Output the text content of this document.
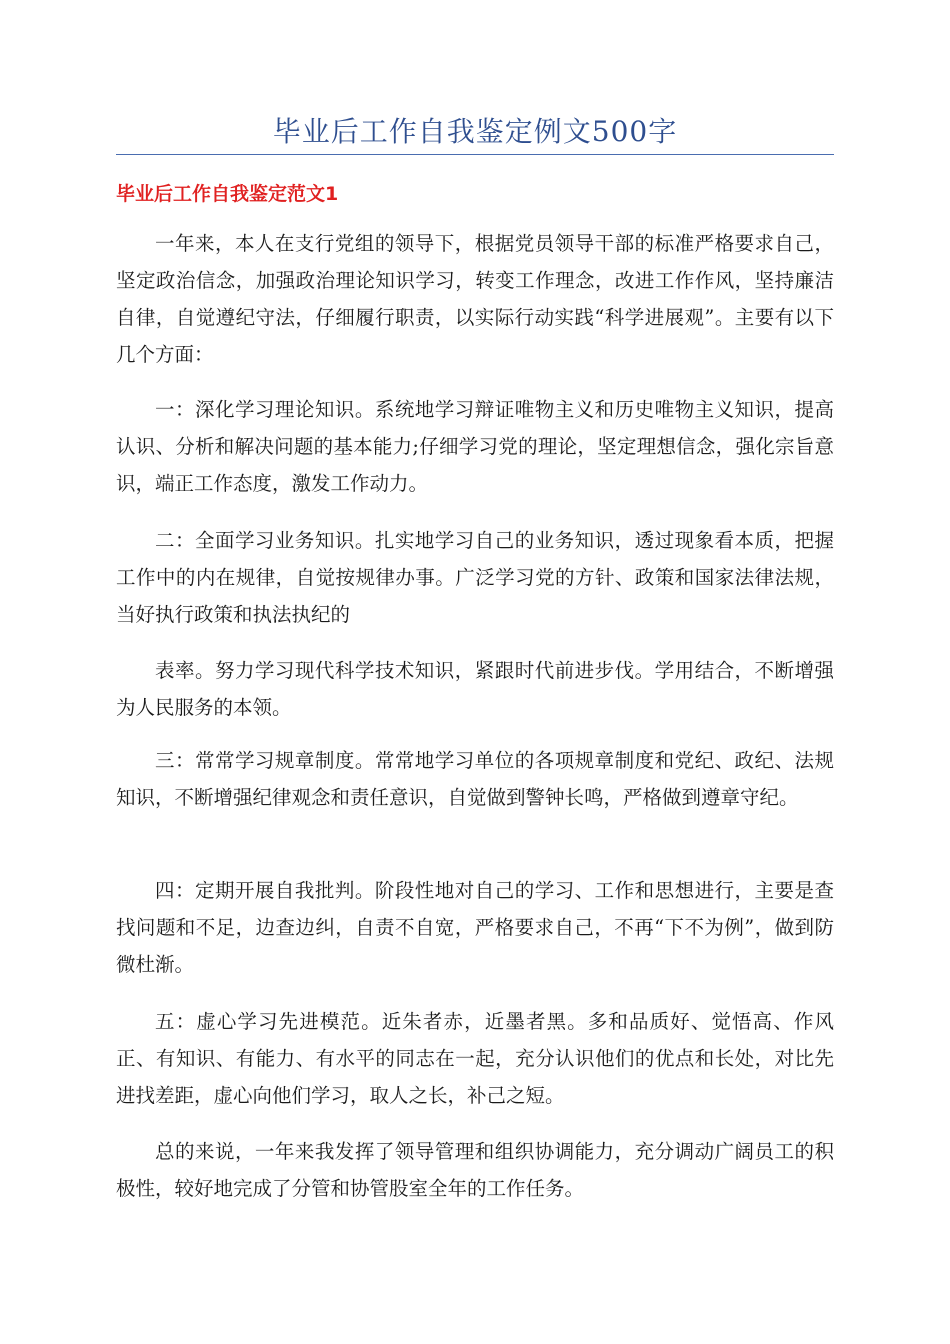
毕业后工作自我鉴定例文500字
毕业后工作自我鉴定范文1

一年来，本人在支行党组的领导下，根据党员领导干部的标准严格要求自己，坚定政治信念，加强政治理论知识学习，转变工作理念，改进工作作风，坚持廉洁自律，自觉遵纪守法，仔细履行职责，以实际行动实践“科学进展观”。主要有以下几个方面：

一：深化学习理论知识。系统地学习辩证唯物主义和历史唯物主义知识，提高认识、分析和解决问题的基本能力;仔细学习党的理论，坚定理想信念，强化宗旨意识，端正工作态度，激发工作动力。

二：全面学习业务知识。扎实地学习自己的业务知识，透过现象看本质，把握工作中的内在规律，自觉按规律办事。广泛学习党的方针、政策和国家法律法规，当好执行政策和执法执纪的

表率。努力学习现代科学技术知识，紧跟时代前进步伐。学用结合，不断增强为人民服务的本领。

三：常常学习规章制度。常常地学习单位的各项规章制度和党纪、政纪、法规知识，不断增强纪律观念和责任意识，自觉做到警钟长鸣，严格做到遵章守纪。

四：定期开展自我批判。阶段性地对自己的学习、工作和思想进行，主要是查找问题和不足，边查边纠，自责不自宽，严格要求自己，不再“下不为例”，做到防微杜渐。

五：虚心学习先进模范。近朱者赤，近墨者黑。多和品质好、觉悟高、作风正、有知识、有能力、有水平的同志在一起，充分认识他们的优点和长处，对比先进找差距，虚心向他们学习，取人之长，补己之短。

总的来说，一年来我发挥了领导管理和组织协调能力，充分调动广阔员工的积极性，较好地完成了分管和协管股室全年的工作任务。
